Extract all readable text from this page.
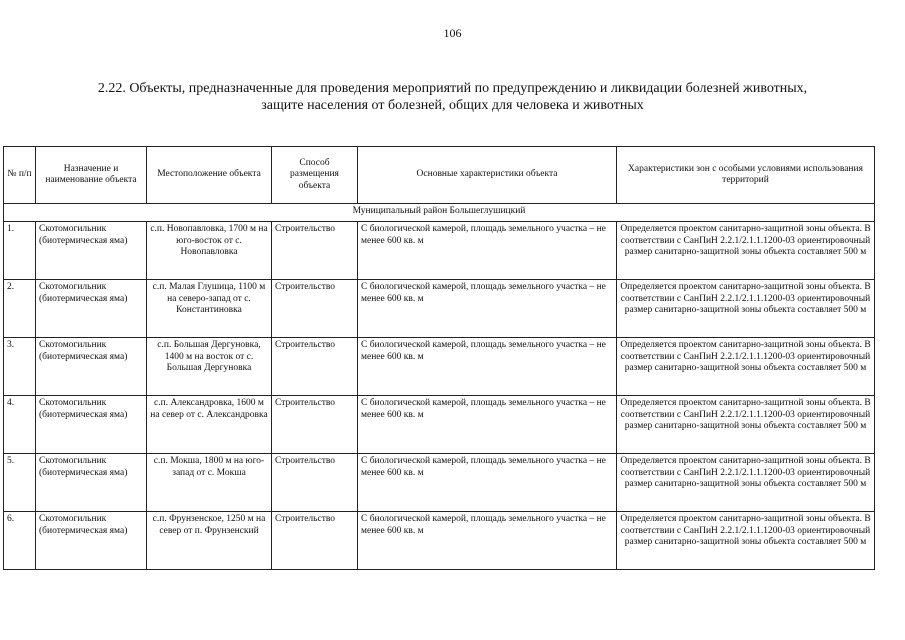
106
2.22. Объекты, предназначенные для проведения мероприятий по предупреждению и ликвидации болезней животных,
защите населения от болезней, общих для человека и животных
№ п/п	Назначение и наименование объекта	Местоположение объекта	Способ размещения объекта	Основные характеристики объекта	Характеристики зон с особыми условиями использования территорий
Муниципальный район Большеглушицкий					
1.	Скотомогильник (биотермическая яма)	с.п. Новопавловка, 1700 м на юго-восток от с. Новопавловка	Строительство	С биологической камерой, площадь земельного участка – не менее 600 кв. м	Определяется проектом санитарно-защитной зоны объекта. В соответствии с СанПиН 2.2.1/2.1.1.1200-03 ориентировочный размер санитарно-защитной зоны объекта составляет 500 м
2.	Скотомогильник (биотермическая яма)	с.п. Малая Глушица, 1100 м на северо-запад от с. Константиновка	Строительство	С биологической камерой, площадь земельного участка – не менее 600 кв. м	Определяется проектом санитарно-защитной зоны объекта. В соответствии с СанПиН 2.2.1/2.1.1.1200-03 ориентировочный размер санитарно-защитной зоны объекта составляет 500 м
3.	Скотомогильник (биотермическая яма)	с.п. Большая Дергуновка, 1400 м на восток от с. Большая Дергуновка	Строительство	С биологической камерой, площадь земельного участка – не менее 600 кв. м	Определяется проектом санитарно-защитной зоны объекта. В соответствии с СанПиН 2.2.1/2.1.1.1200-03 ориентировочный размер санитарно-защитной зоны объекта составляет 500 м
4.	Скотомогильник (биотермическая яма)	с.п. Александровка, 1600 м на север от с. Александровка	Строительство	С биологической камерой, площадь земельного участка – не менее 600 кв. м	Определяется проектом санитарно-защитной зоны объекта. В соответствии с СанПиН 2.2.1/2.1.1.1200-03 ориентировочный размер санитарно-защитной зоны объекта составляет 500 м
5.	Скотомогильник (биотермическая яма)	с.п. Мокша, 1800 м на юго-запад от с. Мокша	Строительство	С биологической камерой, площадь земельного участка – не менее 600 кв. м	Определяется проектом санитарно-защитной зоны объекта. В соответствии с СанПиН 2.2.1/2.1.1.1200-03 ориентировочный размер санитарно-защитной зоны объекта составляет 500 м
6.	Скотомогильник (биотермическая яма)	с.п. Фрунзенское, 1250 м на север от п. Фрунзенский	Строительство	С биологической камерой, площадь земельного участка – не менее 600 кв. м	Определяется проектом санитарно-защитной зоны объекта. В соответствии с СанПиН 2.2.1/2.1.1.1200-03 ориентировочный размер санитарно-защитной зоны объекта составляет 500 м
